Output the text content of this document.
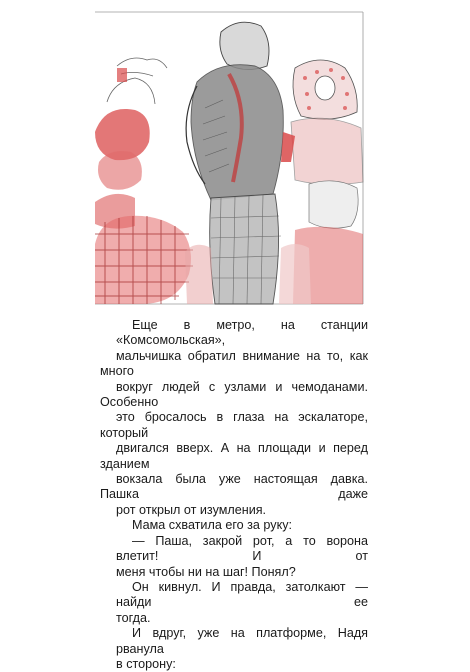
Еще в метро, на станции «Комсомольская»,
мальчишка обратил внимание на то, как много
вокруг людей с узлами и чемоданами. Особенно
это бросалось в глаза на эскалаторе, который
двигался вверх. А на площади и перед зданием
вокзала была уже настоящая давка. Пашка даже
рот открыл от изумления.
Мама схватила его за руку:
— Паша, закрой рот, а то ворона влетит! И от
меня чтобы ни на шаг! Понял?
Он кивнул. И правда, затолкают — найди ее
тогда.
И вдруг, уже на платформе, Надя рванула
в сторону:
